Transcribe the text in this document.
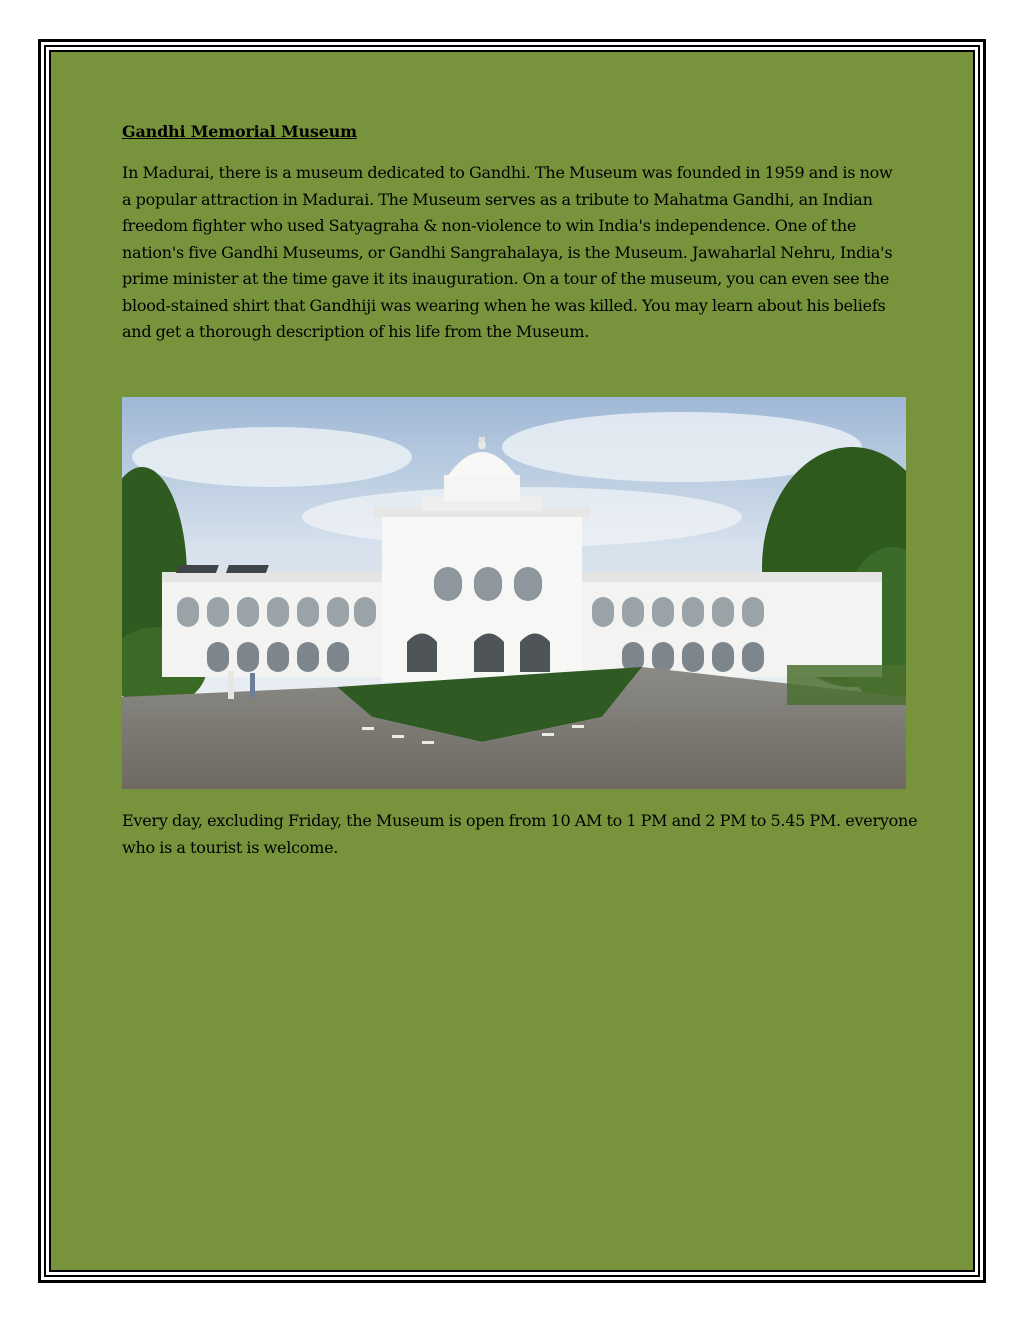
Gandhi Memorial Museum

In Madurai, there is a museum dedicated to Gandhi. The Museum was founded in 1959 and is now a popular attraction in Madurai. The Museum serves as a tribute to Mahatma Gandhi, an Indian freedom fighter who used Satyagraha & non-violence to win India's independence. One of the nation's five Gandhi Museums, or Gandhi Sangrahalaya, is the Museum. Jawaharlal Nehru, India's prime minister at the time gave it its inauguration. On a tour of the museum, you can even see the blood-stained shirt that Gandhiji was wearing when he was killed. You may learn about his beliefs and get a thorough description of his life from the Museum.

Every day, excluding Friday, the Museum is open from 10 AM to 1 PM and 2 PM to 5.45 PM. everyone who is a tourist is welcome.
